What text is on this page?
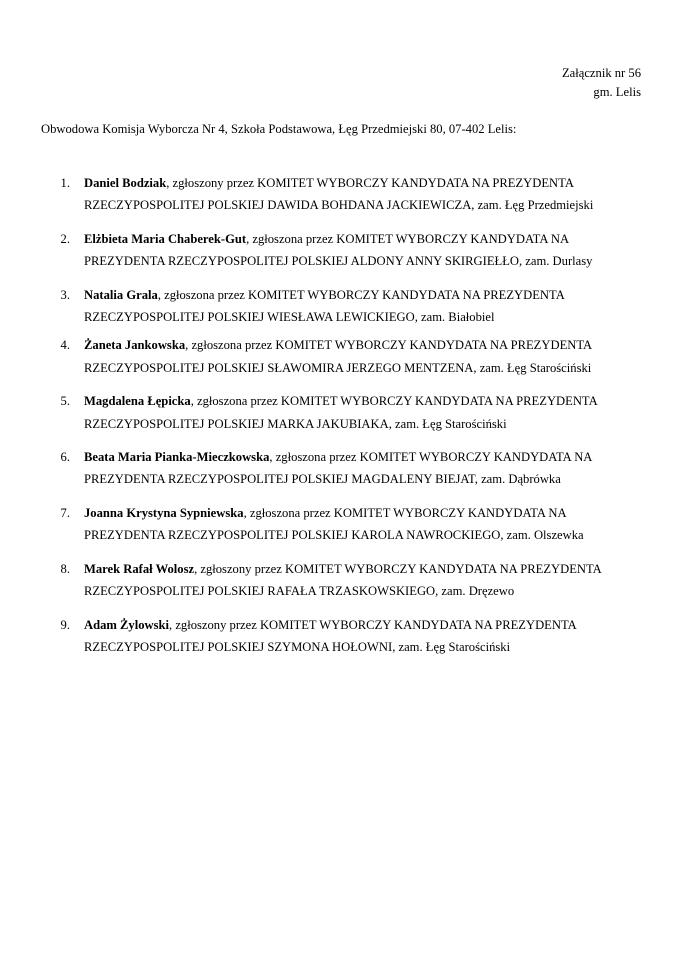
Załącznik nr 56
gm. Lelis
Obwodowa Komisja Wyborcza Nr 4, Szkoła Podstawowa, Łęg Przedmiejski 80, 07-402 Lelis:
1. Daniel Bodziak, zgłoszony przez KOMITET WYBORCZY KANDYDATA NA PREZYDENTA RZECZYPOSPOLITEJ POLSKIEJ DAWIDA BOHDANA JACKIEWICZA, zam. Łęg Przedmiejski
2. Elżbieta Maria Chaberek-Gut, zgłoszona przez KOMITET WYBORCZY KANDYDATA NA PREZYDENTA RZECZYPOSPOLITEJ POLSKIEJ ALDONY ANNY SKIRGIEŁŁO, zam. Durlasy
3. Natalia Grala, zgłoszona przez KOMITET WYBORCZY KANDYDATA NA PREZYDENTA RZECZYPOSPOLITEJ POLSKIEJ WIESŁAWA LEWICKIEGO, zam. Białobiel
4. Żaneta Jankowska, zgłoszona przez KOMITET WYBORCZY KANDYDATA NA PREZYDENTA RZECZYPOSPOLITEJ POLSKIEJ SŁAWOMIRA JERZEGO MENTZENA, zam. Łęg Starościński
5. Magdalena Łępicka, zgłoszona przez KOMITET WYBORCZY KANDYDATA NA PREZYDENTA RZECZYPOSPOLITEJ POLSKIEJ MARKA JAKUBIAKA, zam. Łęg Starościński
6. Beata Maria Pianka-Mieczkowska, zgłoszona przez KOMITET WYBORCZY KANDYDATA NA PREZYDENTA RZECZYPOSPOLITEJ POLSKIEJ MAGDALENY BIEJAT, zam. Dąbrówka
7. Joanna Krystyna Sypniewska, zgłoszona przez KOMITET WYBORCZY KANDYDATA NA PREZYDENTA RZECZYPOSPOLITEJ POLSKIEJ KAROLA NAWROCKIEGO, zam. Olszewka
8. Marek Rafał Wolosz, zgłoszony przez KOMITET WYBORCZY KANDYDATA NA PREZYDENTA RZECZYPOSPOLITEJ POLSKIEJ RAFAŁA TRZASKOWSKIEGO, zam. Dręzewo
9. Adam Żylowski, zgłoszony przez KOMITET WYBORCZY KANDYDATA NA PREZYDENTA RZECZYPOSPOLITEJ POLSKIEJ SZYMONA HOŁOWNI, zam. Łęg Starościński
